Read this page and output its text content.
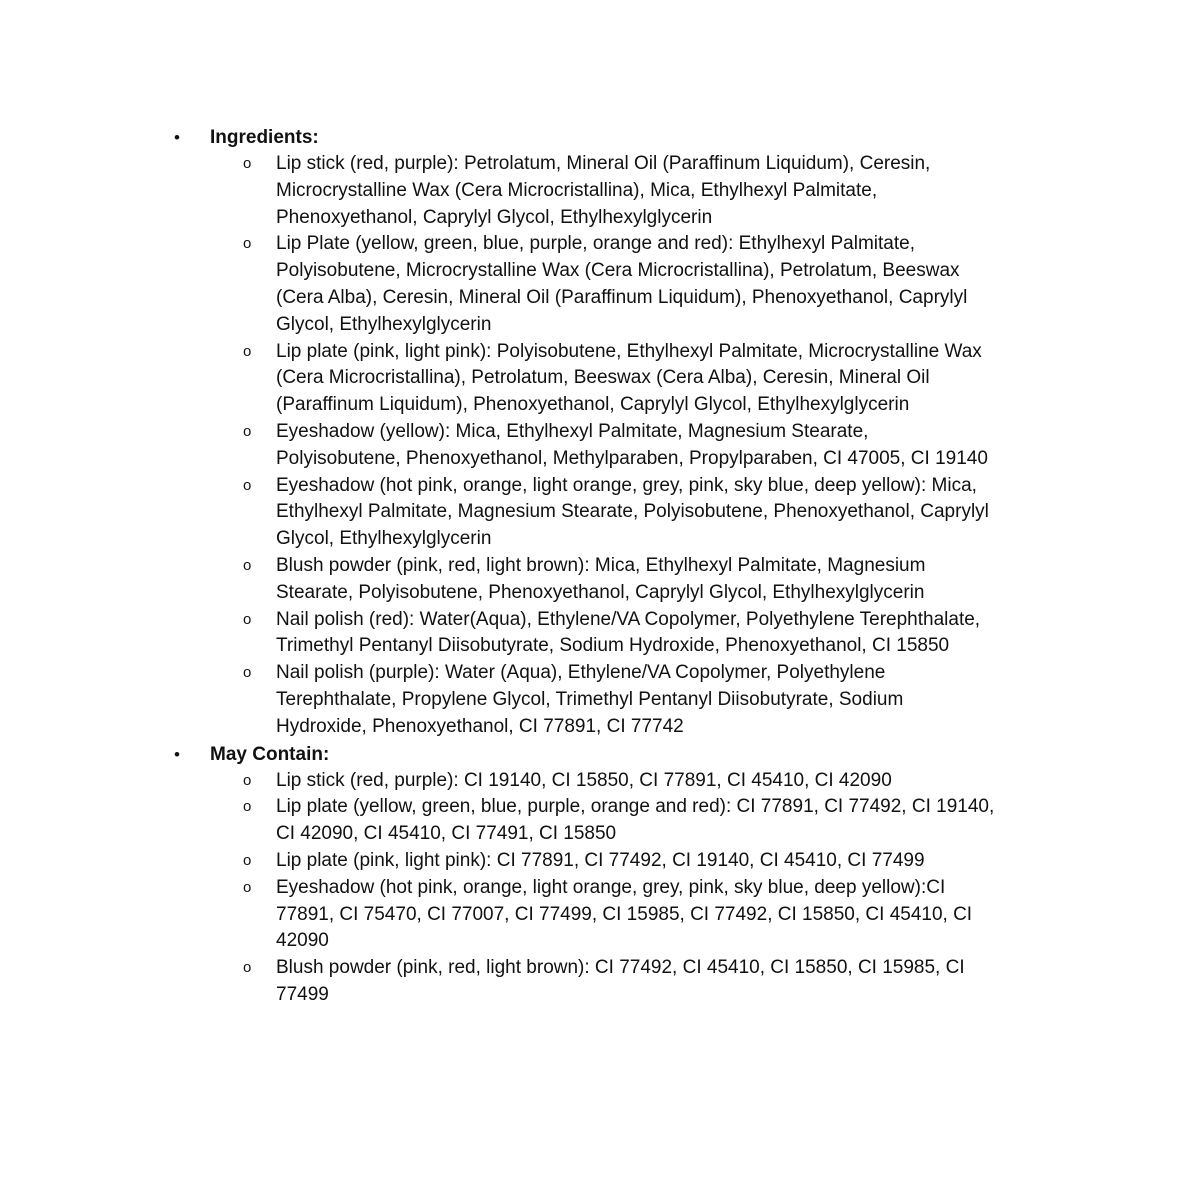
•	Ingredients:
o Lip stick (red, purple): Petrolatum, Mineral Oil (Paraffinum Liquidum), Ceresin, Microcrystalline Wax (Cera Microcristallina), Mica, Ethylhexyl Palmitate, Phenoxyethanol, Caprylyl Glycol, Ethylhexylglycerin
o Lip Plate (yellow, green, blue, purple, orange and red): Ethylhexyl Palmitate, Polyisobutene, Microcrystalline Wax (Cera Microcristallina), Petrolatum, Beeswax (Cera Alba), Ceresin, Mineral Oil (Paraffinum Liquidum), Phenoxyethanol, Caprylyl Glycol, Ethylhexylglycerin
o Lip plate (pink, light pink): Polyisobutene, Ethylhexyl Palmitate, Microcrystalline Wax (Cera Microcristallina), Petrolatum, Beeswax (Cera Alba), Ceresin, Mineral Oil (Paraffinum Liquidum), Phenoxyethanol, Caprylyl Glycol, Ethylhexylglycerin
o Eyeshadow (yellow): Mica, Ethylhexyl Palmitate, Magnesium Stearate, Polyisobutene, Phenoxyethanol, Methylparaben, Propylparaben, CI 47005, CI 19140
o Eyeshadow (hot pink, orange, light orange, grey, pink, sky blue, deep yellow): Mica, Ethylhexyl Palmitate, Magnesium Stearate, Polyisobutene, Phenoxyethanol, Caprylyl Glycol, Ethylhexylglycerin
o Blush powder (pink, red, light brown): Mica, Ethylhexyl Palmitate, Magnesium Stearate, Polyisobutene, Phenoxyethanol, Caprylyl Glycol, Ethylhexylglycerin
o Nail polish (red): Water(Aqua), Ethylene/VA Copolymer, Polyethylene Terephthalate, Trimethyl Pentanyl Diisobutyrate, Sodium Hydroxide, Phenoxyethanol, CI 15850
o Nail polish (purple): Water (Aqua), Ethylene/VA Copolymer, Polyethylene Terephthalate, Propylene Glycol, Trimethyl Pentanyl Diisobutyrate, Sodium Hydroxide, Phenoxyethanol, CI 77891, CI 77742
•	May Contain:
o Lip stick (red, purple): CI 19140, CI 15850, CI 77891, CI 45410, CI 42090
o Lip plate (yellow, green, blue, purple, orange and red): CI 77891, CI 77492, CI 19140, CI 42090, CI 45410, CI 77491, CI 15850
o Lip plate (pink, light pink): CI 77891, CI 77492, CI 19140, CI 45410, CI 77499
o Eyeshadow (hot pink, orange, light orange, grey, pink, sky blue, deep yellow):CI 77891, CI 75470, CI 77007, CI 77499, CI 15985, CI 77492, CI 15850, CI 45410, CI 42090
o Blush powder (pink, red, light brown): CI 77492, CI 45410, CI 15850, CI 15985, CI 77499
